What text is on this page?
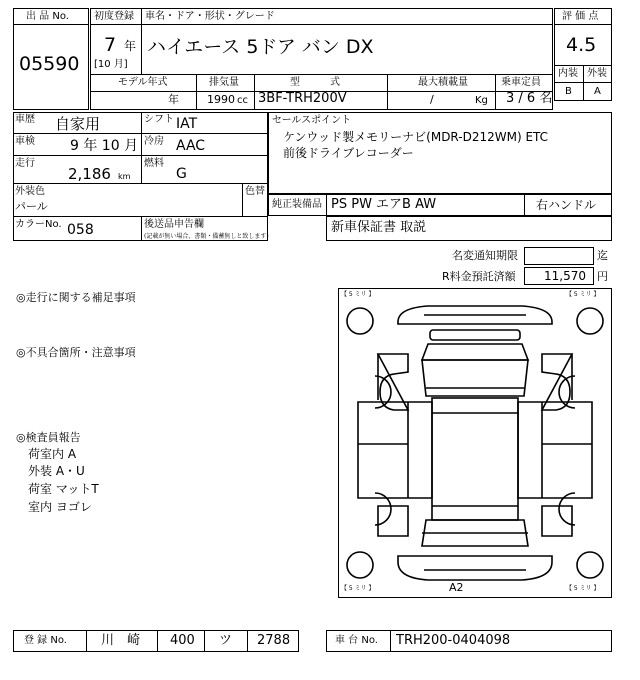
出 品 No.
05590
初度登録
7 年
[10 月]
車名・ドア・形状・グレード
ハイエース 5ドア バン DX
モデル年式
年
排気量
1990 cc
型　　　式
3BF-TRH200V
最大積載量
/	Kg
乗車定員
3 / 6 名
評 価 点
4.5
内装 外装
B A
車歴 自家用	シフト IAT
車検	9 年 10 月 冷房 AAC
走行
2,186 km
燃料
G
外装色
パール
色替
カラーNo. 058	後送品申告欄
(記載が無い場合、書類・備蓄無しと致します)
セールスポイント
ケンウッド製メモリーナビ(MDR-D212WM) ETC
前後ドライブレコーダー
純正装備品 PS PW エアB AW	右ハンドル
新車保証書 取説
名変通知期限	迄
R料金預託済額 11,570 円
◎走行に関する補足事項
◎不具合箇所・注意事項
◎検査員報告
荷室内 A
外装 A・U
荷室 マットT
室内 ヨゴレ
【 5 ミリ 】	【 5 ミリ 】
【 5 ミリ 】	【 5 ミリ 】
A2
登 録 No.	川　崎 400 ツ 2788	車 台 No. TRH200-0404098
